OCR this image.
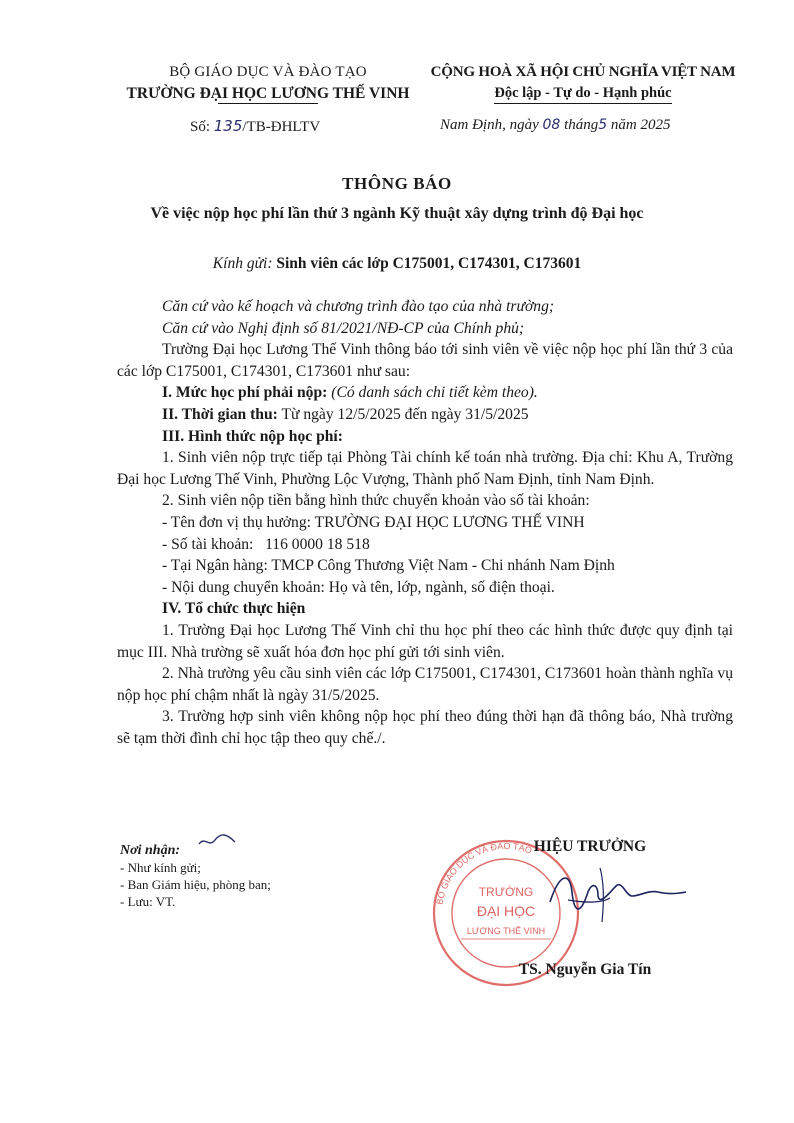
BỘ GIÁO DỤC VÀ ĐÀO TẠO
TRƯỜNG ĐẠI HỌC LƯƠNG THẾ VINH
CỘNG HOÀ XÃ HỘI CHỦ NGHĨA VIỆT NAM
Độc lập - Tự do - Hạnh phúc
Số: 135/TB-ĐHLTV	Nam Định, ngày 08 tháng5 năm 2025
THÔNG BÁO
Về việc nộp học phí lần thứ 3 ngành Kỹ thuật xây dựng trình độ Đại học
Kính gửi: Sinh viên các lớp C175001, C174301, C173601

Căn cứ vào kế hoạch và chương trình đào tạo của nhà trường;

Căn cứ vào Nghị định số 81/2021/NĐ-CP của Chính phủ;

Trường Đại học Lương Thế Vinh thông báo tới sinh viên về việc nộp học phí lần thứ 3 của các lớp C175001, C174301, C173601 như sau:

I. Mức học phí phải nộp: (Có danh sách chi tiết kèm theo).

II. Thời gian thu: Từ ngày 12/5/2025 đến ngày 31/5/2025

III. Hình thức nộp học phí:

1. Sinh viên nộp trực tiếp tại Phòng Tài chính kế toán nhà trường. Địa chỉ: Khu A, Trường Đại học Lương Thế Vinh, Phường Lộc Vượng, Thành phố Nam Định, tỉnh Nam Định.

2. Sinh viên nộp tiền bằng hình thức chuyển khoản vào số tài khoản:

- Tên đơn vị thụ hưởng: TRƯỜNG ĐẠI HỌC LƯƠNG THẾ VINH

- Số tài khoản:   116 0000 18 518

- Tại Ngân hàng: TMCP Công Thương Việt Nam - Chi nhánh Nam Định

- Nội dung chuyển khoản: Họ và tên, lớp, ngành, số điện thoại.

IV. Tổ chức thực hiện

1. Trường Đại học Lương Thế Vinh chỉ thu học phí theo các hình thức được quy định tại mục III. Nhà trường sẽ xuất hóa đơn học phí gửi tới sinh viên.

2. Nhà trường yêu cầu sinh viên các lớp C175001, C174301, C173601 hoàn thành nghĩa vụ nộp học phí chậm nhất là ngày 31/5/2025.

3. Trường hợp sinh viên không nộp học phí theo đúng thời hạn đã thông báo, Nhà trường sẽ tạm thời đình chỉ học tập theo quy chế./.

Nơi nhận:
- Như kính gửi;
- Ban Giám hiệu, phòng ban;
- Lưu: VT.	BỘ GIÁO DỤC VÀ ĐÀO TẠO
TRƯỜNG
ĐẠI HỌC
LƯƠNG THẾ VINH
HIỆU TRƯỞNG
TS. Nguyễn Gia Tín
